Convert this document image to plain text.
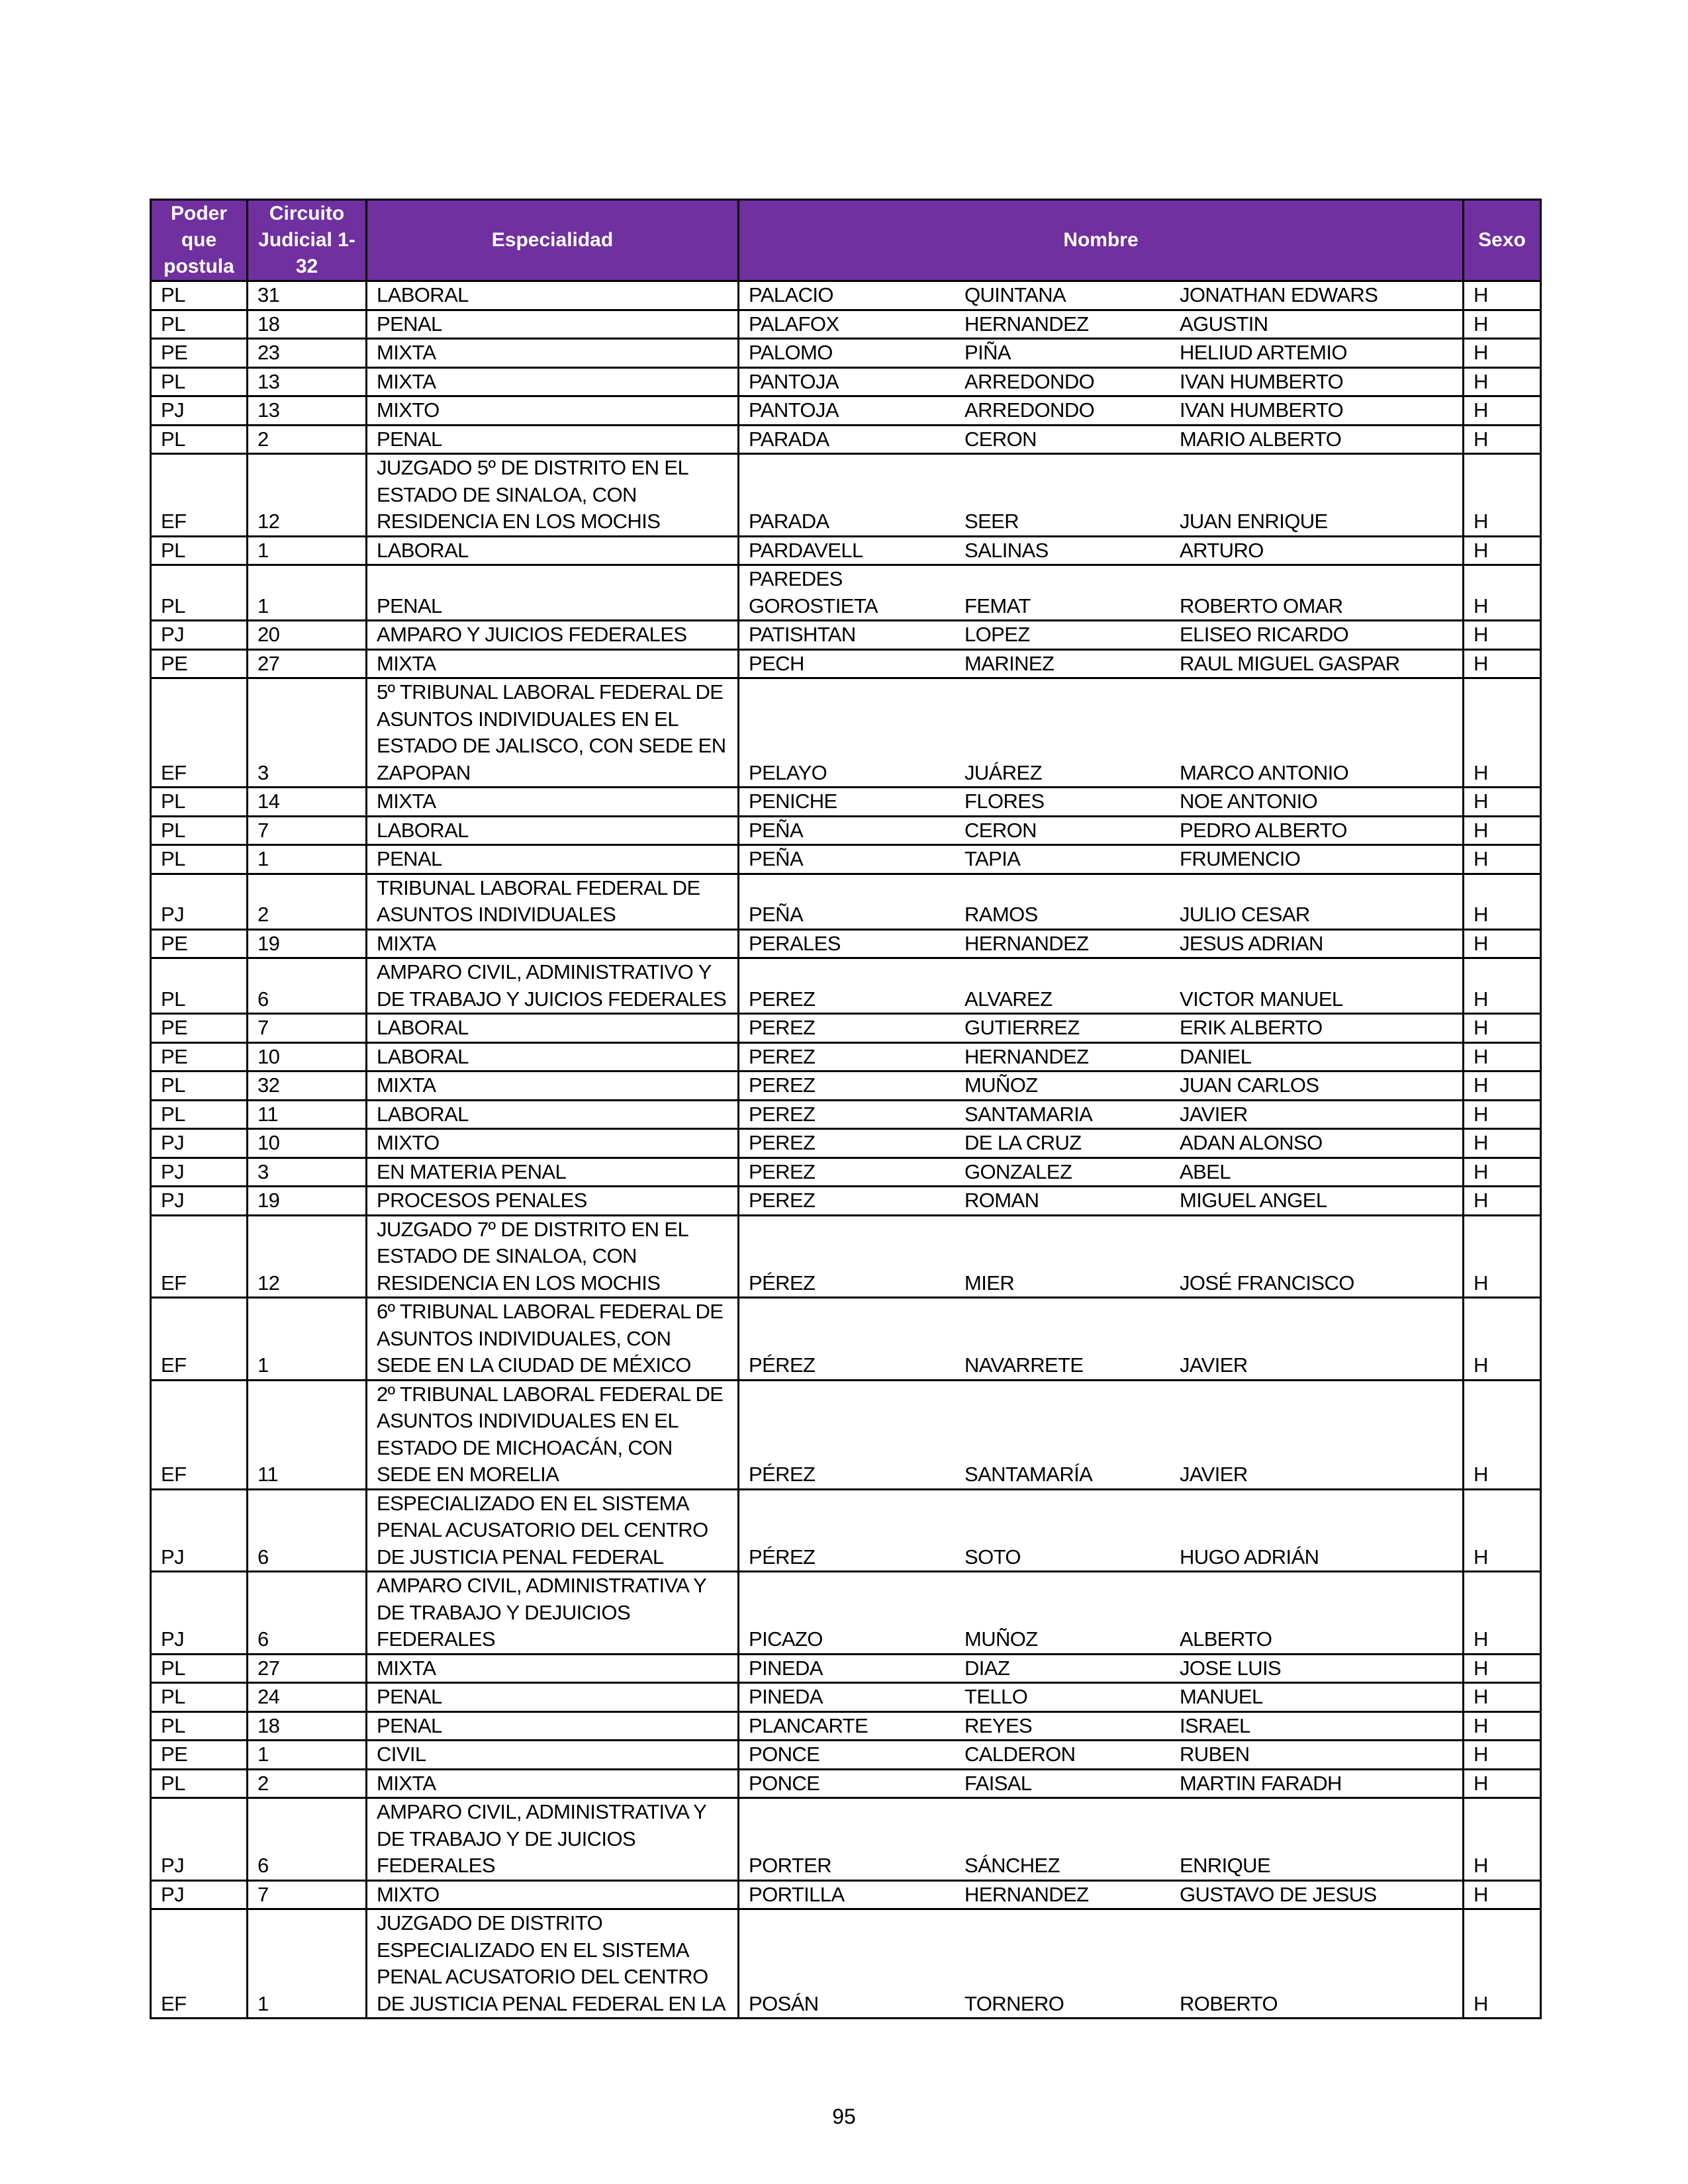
Poder que postula	Circuito Judicial 1-32	Especialidad	Nombre	Sexo
PL	31	LABORAL	PALACIO QUINTANA JONATHAN EDWARS	H
PL	18	PENAL	PALAFOX HERNANDEZ AGUSTIN	H
PE	23	MIXTA	PALOMO PIÑA HELIUD ARTEMIO	H
PL	13	MIXTA	PANTOJA ARREDONDO IVAN HUMBERTO	H
PJ	13	MIXTO	PANTOJA ARREDONDO IVAN HUMBERTO	H
PL	2	PENAL	PARADA CERON MARIO ALBERTO	H
EF	12	JUZGADO 5º DE DISTRITO EN EL ESTADO DE SINALOA, CON RESIDENCIA EN LOS MOCHIS	PARADA SEER JUAN ENRIQUE	H
PL	1	LABORAL	PARDAVELL SALINAS ARTURO	H
PL	1	PENAL	PAREDES GOROSTIETA FEMAT ROBERTO OMAR	H
PJ	20	AMPARO Y JUICIOS FEDERALES	PATISHTAN LOPEZ ELISEO RICARDO	H
PE	27	MIXTA	PECH MARINEZ RAUL MIGUEL GASPAR	H
EF	3	5º TRIBUNAL LABORAL FEDERAL DE ASUNTOS INDIVIDUALES EN EL ESTADO DE JALISCO, CON SEDE EN ZAPOPAN	PELAYO JUÁREZ MARCO ANTONIO	H
PL	14	MIXTA	PENICHE FLORES NOE ANTONIO	H
PL	7	LABORAL	PEÑA CERON PEDRO ALBERTO	H
PL	1	PENAL	PEÑA TAPIA FRUMENCIO	H
PJ	2	TRIBUNAL LABORAL FEDERAL DE ASUNTOS INDIVIDUALES	PEÑA RAMOS JULIO CESAR	H
PE	19	MIXTA	PERALES HERNANDEZ JESUS ADRIAN	H
PL	6	AMPARO CIVIL, ADMINISTRATIVO Y DE TRABAJO Y JUICIOS FEDERALES	PEREZ ALVAREZ VICTOR MANUEL	H
PE	7	LABORAL	PEREZ GUTIERREZ ERIK ALBERTO	H
PE	10	LABORAL	PEREZ HERNANDEZ DANIEL	H
PL	32	MIXTA	PEREZ MUÑOZ JUAN CARLOS	H
PL	11	LABORAL	PEREZ SANTAMARIA JAVIER	H
PJ	10	MIXTO	PEREZ DE LA CRUZ ADAN ALONSO	H
PJ	3	EN MATERIA PENAL	PEREZ GONZALEZ ABEL	H
PJ	19	PROCESOS PENALES	PEREZ ROMAN MIGUEL ANGEL	H
EF	12	JUZGADO 7º DE DISTRITO EN EL ESTADO DE SINALOA, CON RESIDENCIA EN LOS MOCHIS	PÉREZ MIER JOSÉ FRANCISCO	H
EF	1	6º TRIBUNAL LABORAL FEDERAL DE ASUNTOS INDIVIDUALES, CON SEDE EN LA CIUDAD DE MÉXICO	PÉREZ NAVARRETE JAVIER	H
EF	11	2º TRIBUNAL LABORAL FEDERAL DE ASUNTOS INDIVIDUALES EN EL ESTADO DE MICHOACÁN, CON SEDE EN MORELIA	PÉREZ SANTAMARÍA JAVIER	H
PJ	6	ESPECIALIZADO EN EL SISTEMA PENAL ACUSATORIO DEL CENTRO DE JUSTICIA PENAL FEDERAL	PÉREZ SOTO HUGO ADRIÁN	H
PJ	6	AMPARO CIVIL, ADMINISTRATIVA Y DE TRABAJO Y DEJUICIOS FEDERALES	PICAZO MUÑOZ ALBERTO	H
PL	27	MIXTA	PINEDA DIAZ JOSE LUIS	H
PL	24	PENAL	PINEDA TELLO MANUEL	H
PL	18	PENAL	PLANCARTE REYES ISRAEL	H
PE	1	CIVIL	PONCE CALDERON RUBEN	H
PL	2	MIXTA	PONCE FAISAL MARTIN FARADH	H
PJ	6	AMPARO CIVIL, ADMINISTRATIVA Y DE TRABAJO Y DE JUICIOS FEDERALES	PORTER SÁNCHEZ ENRIQUE	H
PJ	7	MIXTO	PORTILLA HERNANDEZ GUSTAVO DE JESUS	H
EF	1	JUZGADO DE DISTRITO ESPECIALIZADO EN EL SISTEMA PENAL ACUSATORIO DEL CENTRO DE JUSTICIA PENAL FEDERAL EN LA	POSÁN TORNERO ROBERTO	H
95
